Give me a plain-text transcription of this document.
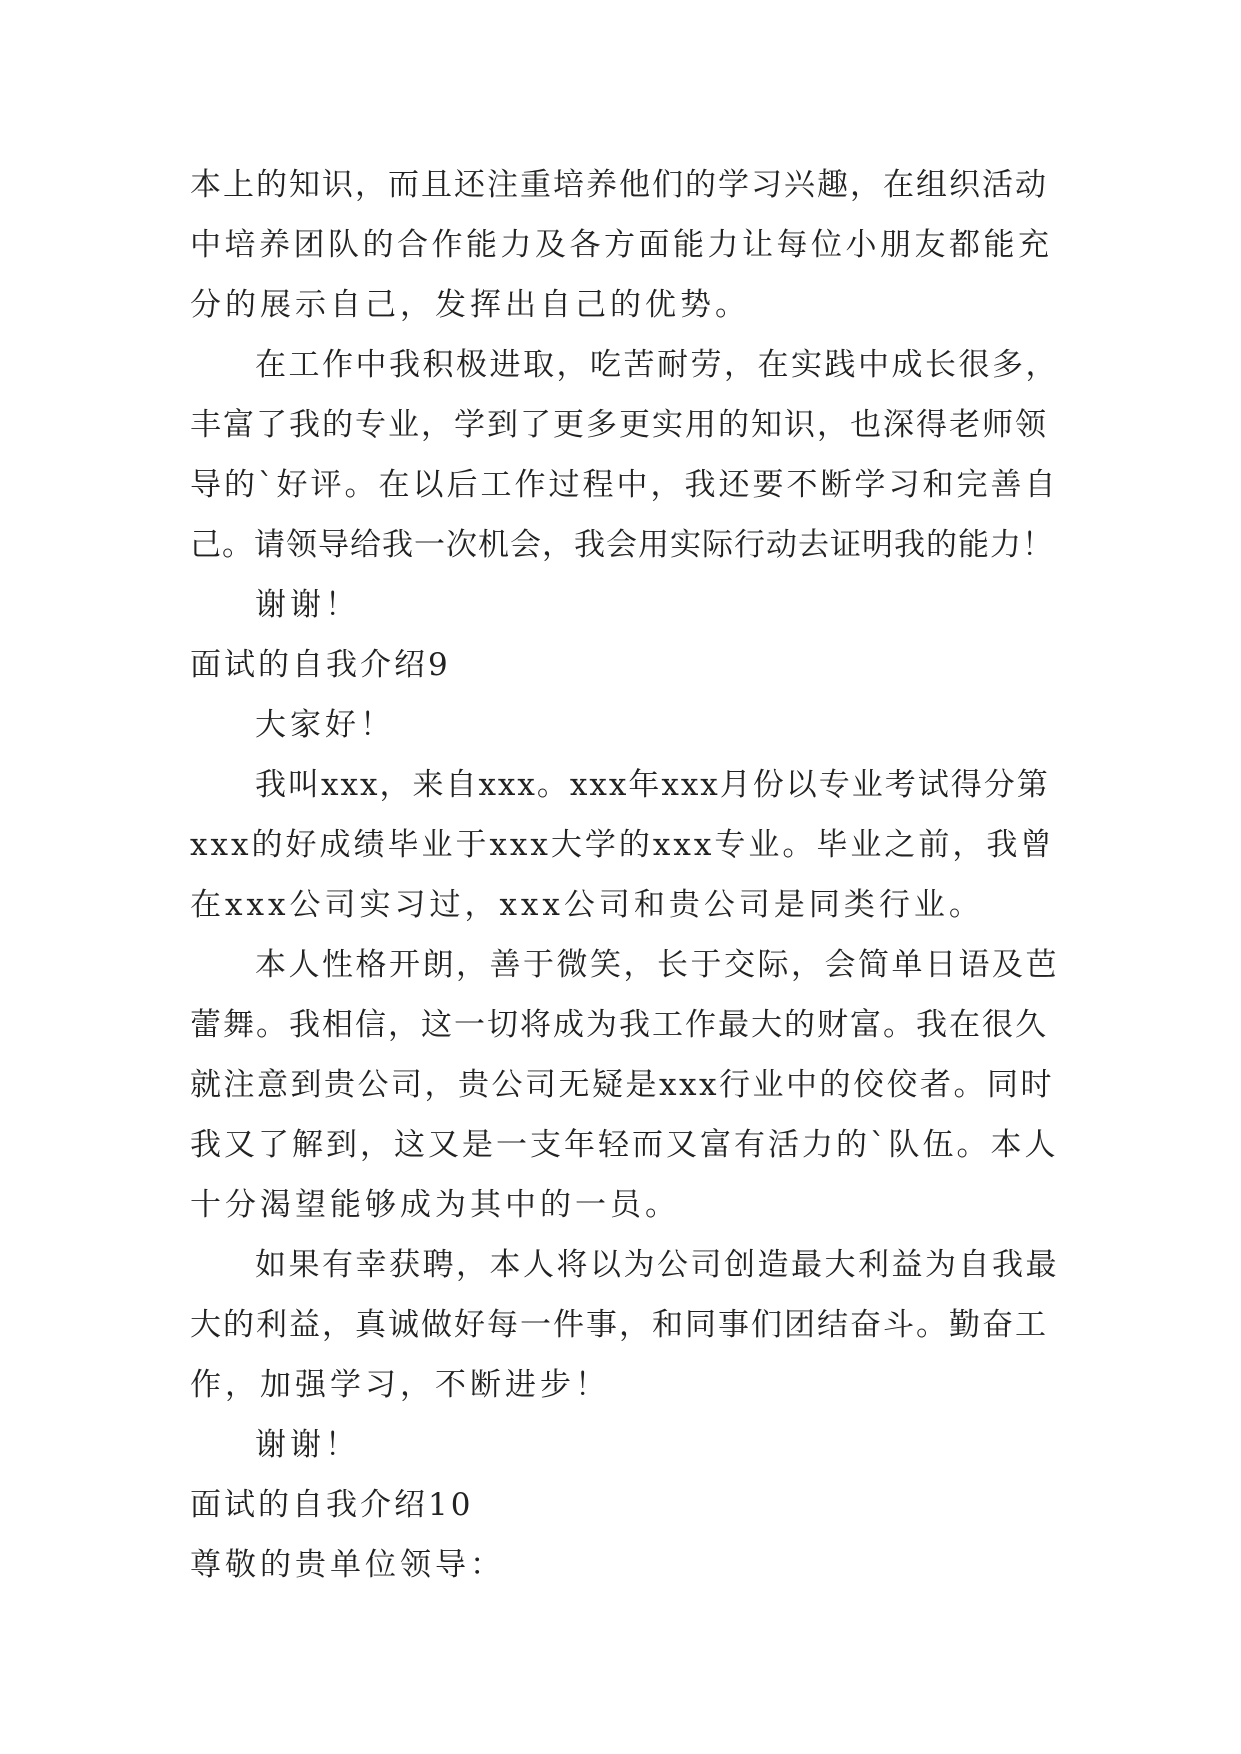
本上的知识，而且还注重培养他们的学习兴趣，在组织活动
中培养团队的合作能力及各方面能力让每位小朋友都能充
分的展示自己，发挥出自己的优势。
在工作中我积极进取，吃苦耐劳，在实践中成长很多，
丰富了我的专业，学到了更多更实用的知识，也深得老师领
导的`好评。在以后工作过程中，我还要不断学习和完善自
己。请领导给我一次机会，我会用实际行动去证明我的能力！
谢谢！
面试的自我介绍9
大家好！
我叫xxx，来自xxx。xxx年xxx月份以专业考试得分第
xxx的好成绩毕业于xxx大学的xxx专业。毕业之前，我曾
在xxx公司实习过，xxx公司和贵公司是同类行业。
本人性格开朗，善于微笑，长于交际，会简单日语及芭
蕾舞。我相信，这一切将成为我工作最大的财富。我在很久
就注意到贵公司，贵公司无疑是xxx行业中的佼佼者。同时
我又了解到，这又是一支年轻而又富有活力的`队伍。本人
十分渴望能够成为其中的一员。
如果有幸获聘，本人将以为公司创造最大利益为自我最
大的利益，真诚做好每一件事，和同事们团结奋斗。勤奋工
作，加强学习，不断进步！
谢谢！
面试的自我介绍10
尊敬的贵单位领导：
